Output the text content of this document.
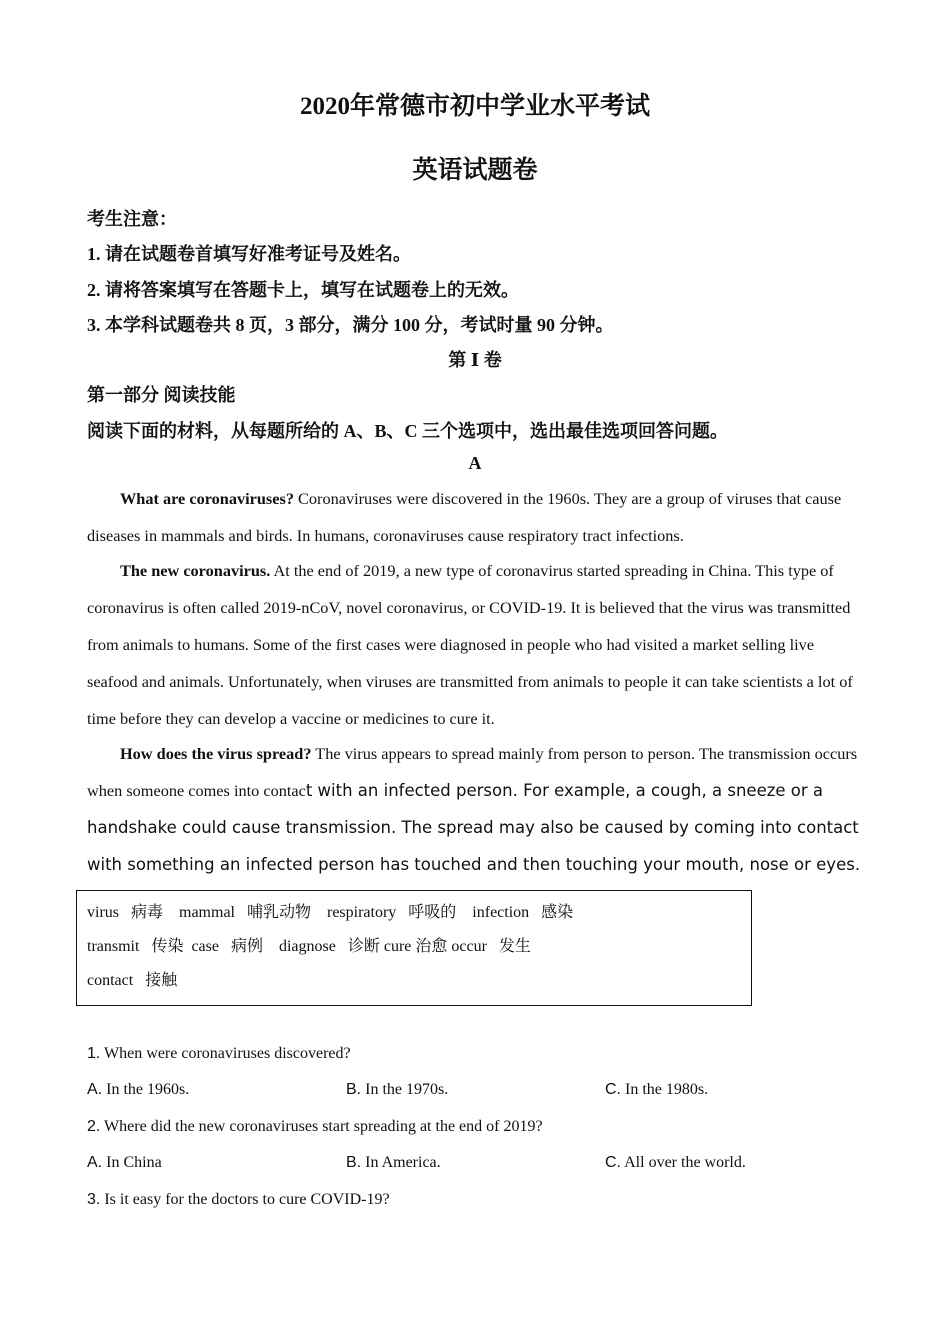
2020年常德市初中学业水平考试
英语试题卷
考生注意：
1. 请在试题卷首填写好准考证号及姓名。
2. 请将答案填写在答题卡上，填写在试题卷上的无效。
3. 本学科试题卷共 8 页，3 部分，满分 100 分，考试时量 90 分钟。
第 Ⅰ 卷
第一部分 阅读技能
阅读下面的材料，从每题所给的 A、B、C 三个选项中，选出最佳选项回答问题。
A

What are coronaviruses? Coronaviruses were discovered in the 1960s. They are a group of viruses that cause diseases in mammals and birds. In humans, coronaviruses cause respiratory tract infections.

The new coronavirus. At the end of 2019, a new type of coronavirus started spreading in China. This type of coronavirus is often called 2019-nCoV, novel coronavirus, or COVID-19. It is believed that the virus was transmitted from animals to humans. Some of the first cases were diagnosed in people who had visited a market selling live seafood and animals. Unfortunately, when viruses are transmitted from animals to people it can take scientists a lot of time before they can develop a vaccine or medicines to cure it.

How does the virus spread? The virus appears to spread mainly from person to person. The transmission occurs when someone comes into contact with an infected person. For example, a cough, a sneeze or a handshake could cause transmission. The spread may also be caused by coming into contact with something an infected person has touched and then touching your mouth, nose or eyes.

virus   病毒    mammal   哺乳动物    respiratory   呼吸的    infection   感染
transmit   传染  case   病例    diagnose   诊断 cure 治愈 occur   发生
contact   接触
1. When were coronaviruses discovered?
A. In the 1960s.	B. In the 1970s.	C. In the 1980s.
2. Where did the new coronaviruses start spreading at the end of 2019?
A. In China	B. In America.	C. All over the world.
3. Is it easy for the doctors to cure COVID-19?
